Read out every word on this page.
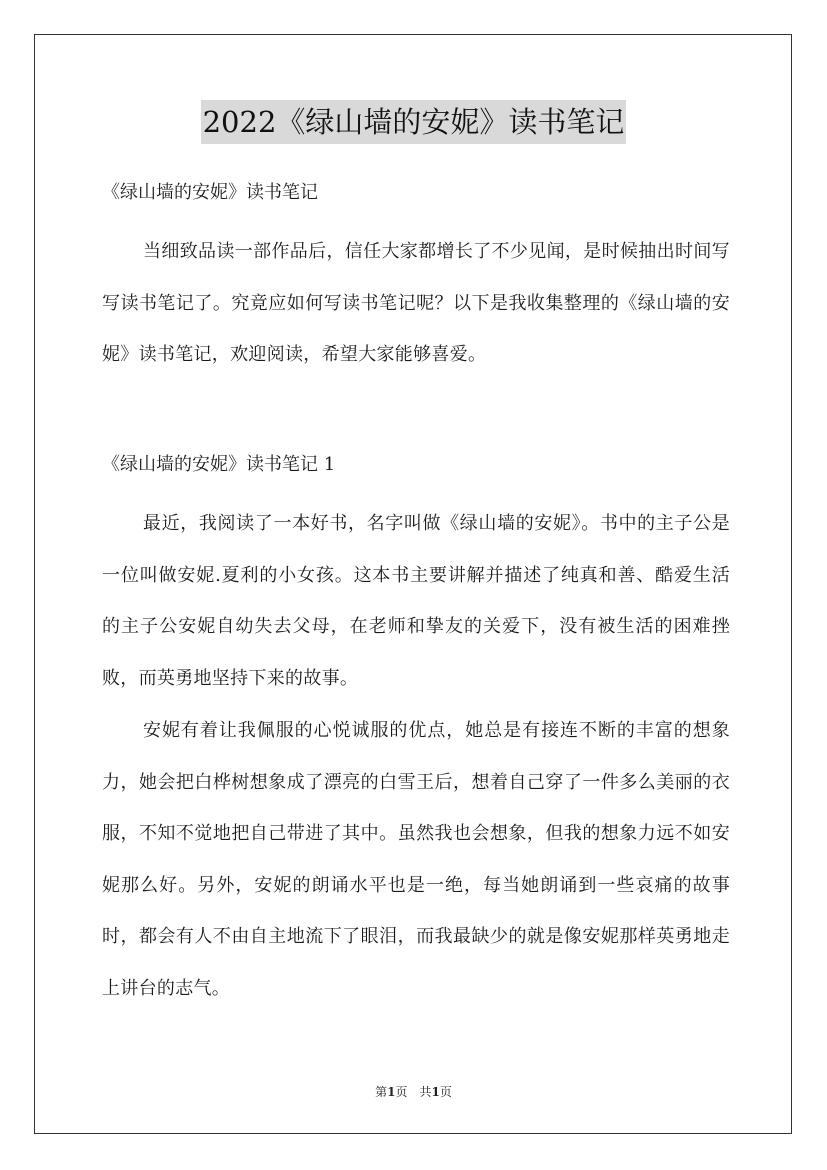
2022《绿山墙的安妮》读书笔记

《绿山墙的安妮》读书笔记

当细致品读一部作品后，信任大家都增长了不少见闻，是时候抽出时间写写读书笔记了。究竟应如何写读书笔记呢？以下是我收集整理的《绿山墙的安妮》读书笔记，欢迎阅读，希望大家能够喜爱。

《绿山墙的安妮》读书笔记 1

最近，我阅读了一本好书，名字叫做《绿山墙的安妮》。书中的主子公是一位叫做安妮.夏利的小女孩。这本书主要讲解并描述了纯真和善、酷爱生活的主子公安妮自幼失去父母，在老师和挚友的关爱下，没有被生活的困难挫败，而英勇地坚持下来的故事。

安妮有着让我佩服的心悦诚服的优点，她总是有接连不断的丰富的想象力，她会把白桦树想象成了漂亮的白雪王后，想着自己穿了一件多么美丽的衣服，不知不觉地把自己带进了其中。虽然我也会想象，但我的想象力远不如安妮那么好。另外，安妮的朗诵水平也是一绝，每当她朗诵到一些哀痛的故事时，都会有人不由自主地流下了眼泪，而我最缺少的就是像安妮那样英勇地走上讲台的志气。

第1页　共1页
